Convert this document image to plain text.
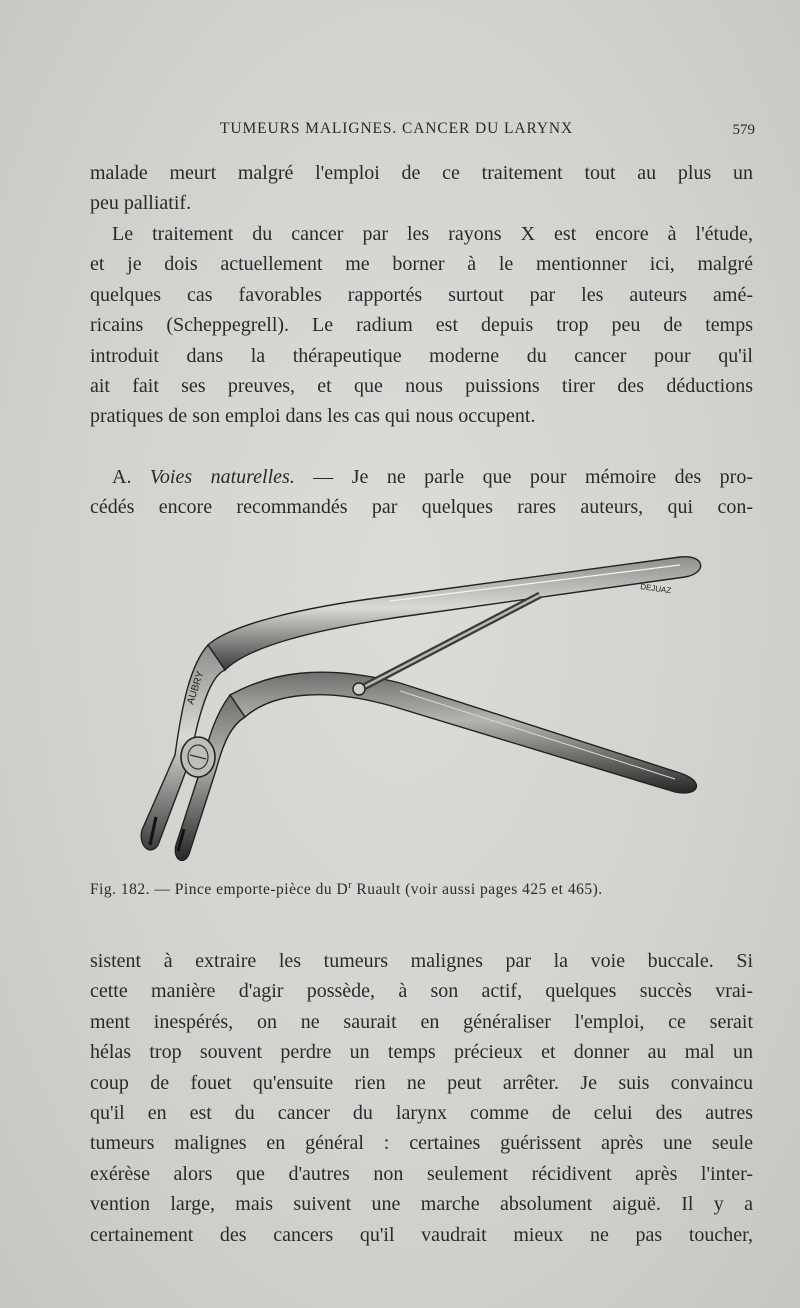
TUMEURS MALIGNES. CANCER DU LARYNX	579

malade meurt malgré l'emploi de ce traitement tout au plus un
peu palliatif.

Le traitement du cancer par les rayons X est encore à l'étude,
et je dois actuellement me borner à le mentionner ici, malgré
quelques cas favorables rapportés surtout par les auteurs amé-
ricains (Scheppegrell). Le radium est depuis trop peu de temps
introduit dans la thérapeutique moderne du cancer pour qu'il
ait fait ses preuves, et que nous puissions tirer des déductions
pratiques de son emploi dans les cas qui nous occupent.

A. Voies naturelles. — Je ne parle que pour mémoire des pro-
cédés encore recommandés par quelques rares auteurs, qui con-

AUBRY
DEJUAZ
Fig. 182. — Pince emporte-pièce du $D^r$ Ruault (voir aussi pages 425 et 465).

sistent à extraire les tumeurs malignes par la voie buccale. Si
cette manière d'agir possède, à son actif, quelques succès vrai-
ment inespérés, on ne saurait en généraliser l'emploi, ce serait
hélas trop souvent perdre un temps précieux et donner au mal un
coup de fouet qu'ensuite rien ne peut arrêter. Je suis convaincu
qu'il en est du cancer du larynx comme de celui des autres
tumeurs malignes en général : certaines guérissent après une seule
exérèse alors que d'autres non seulement récidivent après l'inter-
vention large, mais suivent une marche absolument aiguë. Il y a
certainement des cancers qu'il vaudrait mieux ne pas toucher,
